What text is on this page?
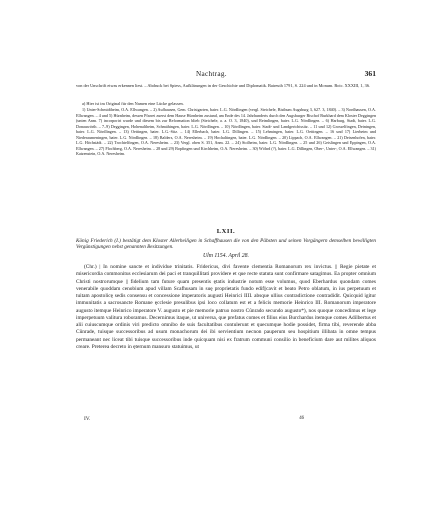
Nachtrag.	361

von der Unschrift etwas erkennen liest. – Abdruck bei Spiess, Aufklärungen in der Geschichte und Diplomatik. Baireuth 1791, S. 224 und in Monum. Boic. XXXIII, 1, 36.

a) Hier ist im Original für den Namen eine Lücke gelassen.

1) Unter-Schmidtheim, O.A. Ellwangen. – 2) Aufhausen, Gem. Christgarten, baier. L.G. Nördlingen (vergl. Steichele, Bisthum Augsburg 3, 627. 3, 1840). – 3) Nordhausen, O.A. Ellwangen. – 4 und 5) Hürnheim, dessen Pfarrei zuerst dem Hause Hürnheim zustand, am Ende des 14. Jahrhunderts durch den Augsburger Bischof Burkhard dem Kloster Deggingen (unten Anm. 7) incorporirt wurde und diesem bis zur Reformation blieb (Steichele, a. a. O. 3, 1840), und Reimlingen, baier. L.G. Nördlingen. – 6) Harburg, Stadt, baier. L.G. Donauwörth. – 7–9) Deggingen, Hohenaltheim, Schmähingen, baier. L.G. Nördlingen. – 10) Nördlingen, baier. Stadt- und Landgerichtssitz. – 11 und 12) Grosselfingen, Deiningen, baier. L.G. Nördlingen. – 13) Oettingen, baier. L.G.-Sitz. – 14) Ellerbach, baier. L.G. Dillingen. – 15) Lehmingen, baier. L.G. Oettingen. – 16 und 17) Lierheim und Niederaumeningen, baier. L.G. Nördlingen. – 18) Balders, O.A. Neresheim. – 19) Hochaltingen, baier. L.G. Nördlingen. – 20) Lippach, O.A. Ellwangen. – 21) Deisenhofen, baier. L.G. Höchstädt. – 22) Trochtelfingen, O.A. Neresheim. – 23) Vergl. oben S. 351, Anm. 22. – 24) Stolheim, baier. L.G. Nördlingen. – 25 und 26) Geislingen und Eppingen, O.A. Ellwangen. – 27) Flochberg, O.A. Neresheim. – 28 und 29) Bopfingen und Kirchheim, O.A. Neresheim. – 30) Wöhrd (?), baier. L.G. Dillingen, Ober-, Unter-, O.A. Ellwangen. – 31) Katzenstein, O.A. Neresheim.

LXII.

König Friederich (I.) bestätigt dem Kloster Allerheiligen in Schaffhausen die von den Päbsten und seinen Vorgängern demselben bewilligten Vergünstigungen nebst genannten Besitzungen.

Ulm 1154. April 28.

(Chr.) | In nomine sancte et individue trinitatis. Fridericus, divi favente clementia Romanorum rex invictus. || Regie pietate et misericordia commonitus ecclesiarum dei paci et tranquillitati providere et que recte statuta sunt confirmare satagimus. Ea propter omnium Christi nostrorumque || fidelium tam future quam presentis ętatis industrie notum esse volumus, quod Eberhardus quondam comes venerabile quoddam cenobium apud villam Scafhusam in suę proprietatis fundo edif||cavit et beato Petro oblatum, in ius perpetuum et tuitam apostolicę sedis consensu et concessione imperatoris augusti Heinrici IIII. absque ullius contradictione contradidit. Quicquid igitur immunitatis a sacrosancte Romane ęcclesie presulibus ipsi loco collatum est et a felicis memorie Heinrico III. Romanorum imperatore augusto itemque Heinrico imperatore V. augusto et pie memorie patruo nostro Cûnrado secundo augusto*), nos quoque concedimus et lege imperpetuum valitura roboramus. Decernimus itaque, ut universa, que prefatus comes et filius eius Burchardus itemque comes Adilbertus et alii cuiuscumque ordinis viri predicto omnibo de suis facultatibus contulerunt et quecumque hodie possidet, firma tibi, reverende abba Cûnrade, tuisque successoribus ad usum monachorum dei ibi servientium necnon pauperum seu hospitium illibata in omne tempus permaneant nec liceat tibi tuisque successoribus inde quicquam nisi ex fratrum communi consilio in beneficium dare aut milites aliquos creare. Preterea decreto in ęternum mansuro statuimus, ut

IV.	46
